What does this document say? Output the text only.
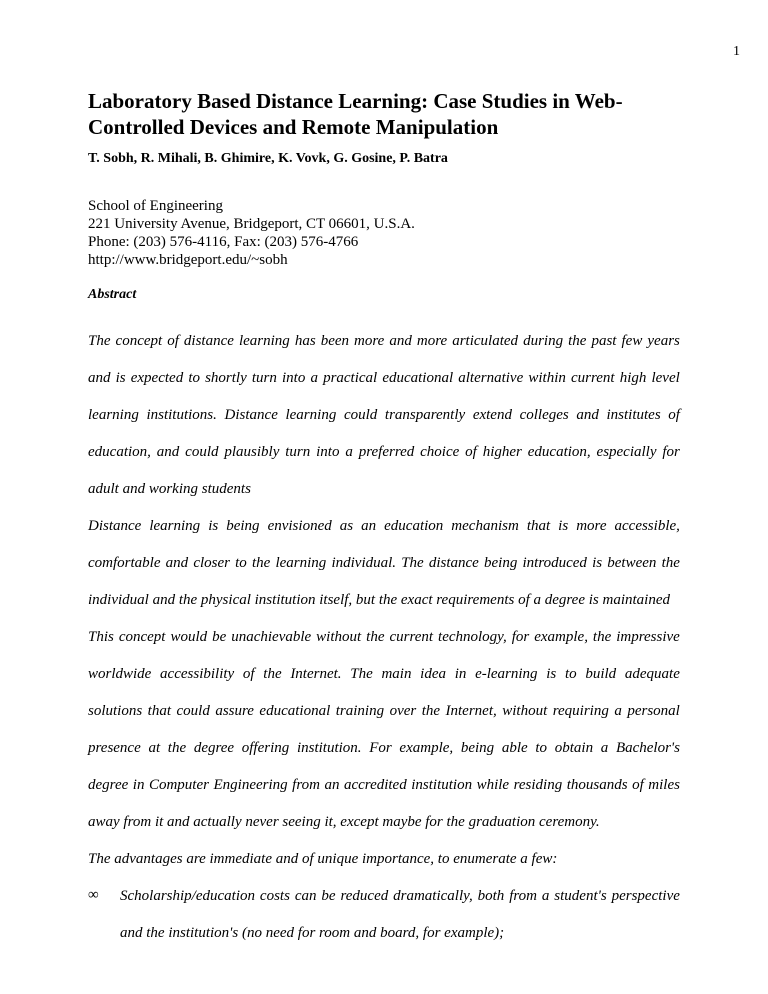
1
Laboratory Based Distance Learning: Case Studies in Web-
Controlled Devices and Remote Manipulation
T. Sobh, R. Mihali, B. Ghimire, K. Vovk, G. Gosine, P. Batra
School of Engineering
221 University Avenue, Bridgeport, CT 06601, U.S.A.
Phone: (203) 576-4116, Fax: (203) 576-4766
http://www.bridgeport.edu/~sobh
Abstract
The concept of distance learning has been more and more articulated during the past few years
and is expected to shortly turn into a practical educational alternative within current high level
learning institutions. Distance learning could transparently extend colleges and institutes of
education, and could plausibly turn into a preferred choice of higher education, especially for
adult and working students
Distance learning is being envisioned as an education mechanism that is more accessible,
comfortable and closer to the learning individual. The distance being introduced is between the
individual and the physical institution itself, but the exact requirements of a degree is maintained
This concept would be unachievable without the current technology, for example, the impressive
worldwide accessibility of the Internet. The main idea in e-learning is to build adequate
solutions that could assure educational training over the Internet, without requiring a personal
presence at the degree offering institution. For example, being able to obtain a Bachelor's
degree in Computer Engineering from an accredited institution while residing thousands of miles
away from it and actually never seeing it, except maybe for the graduation ceremony.
The advantages are immediate and of unique importance, to enumerate a few:
∞ Scholarship/education costs can be reduced dramatically, both from a student's perspective
and the institution's (no need for room and board, for example);
